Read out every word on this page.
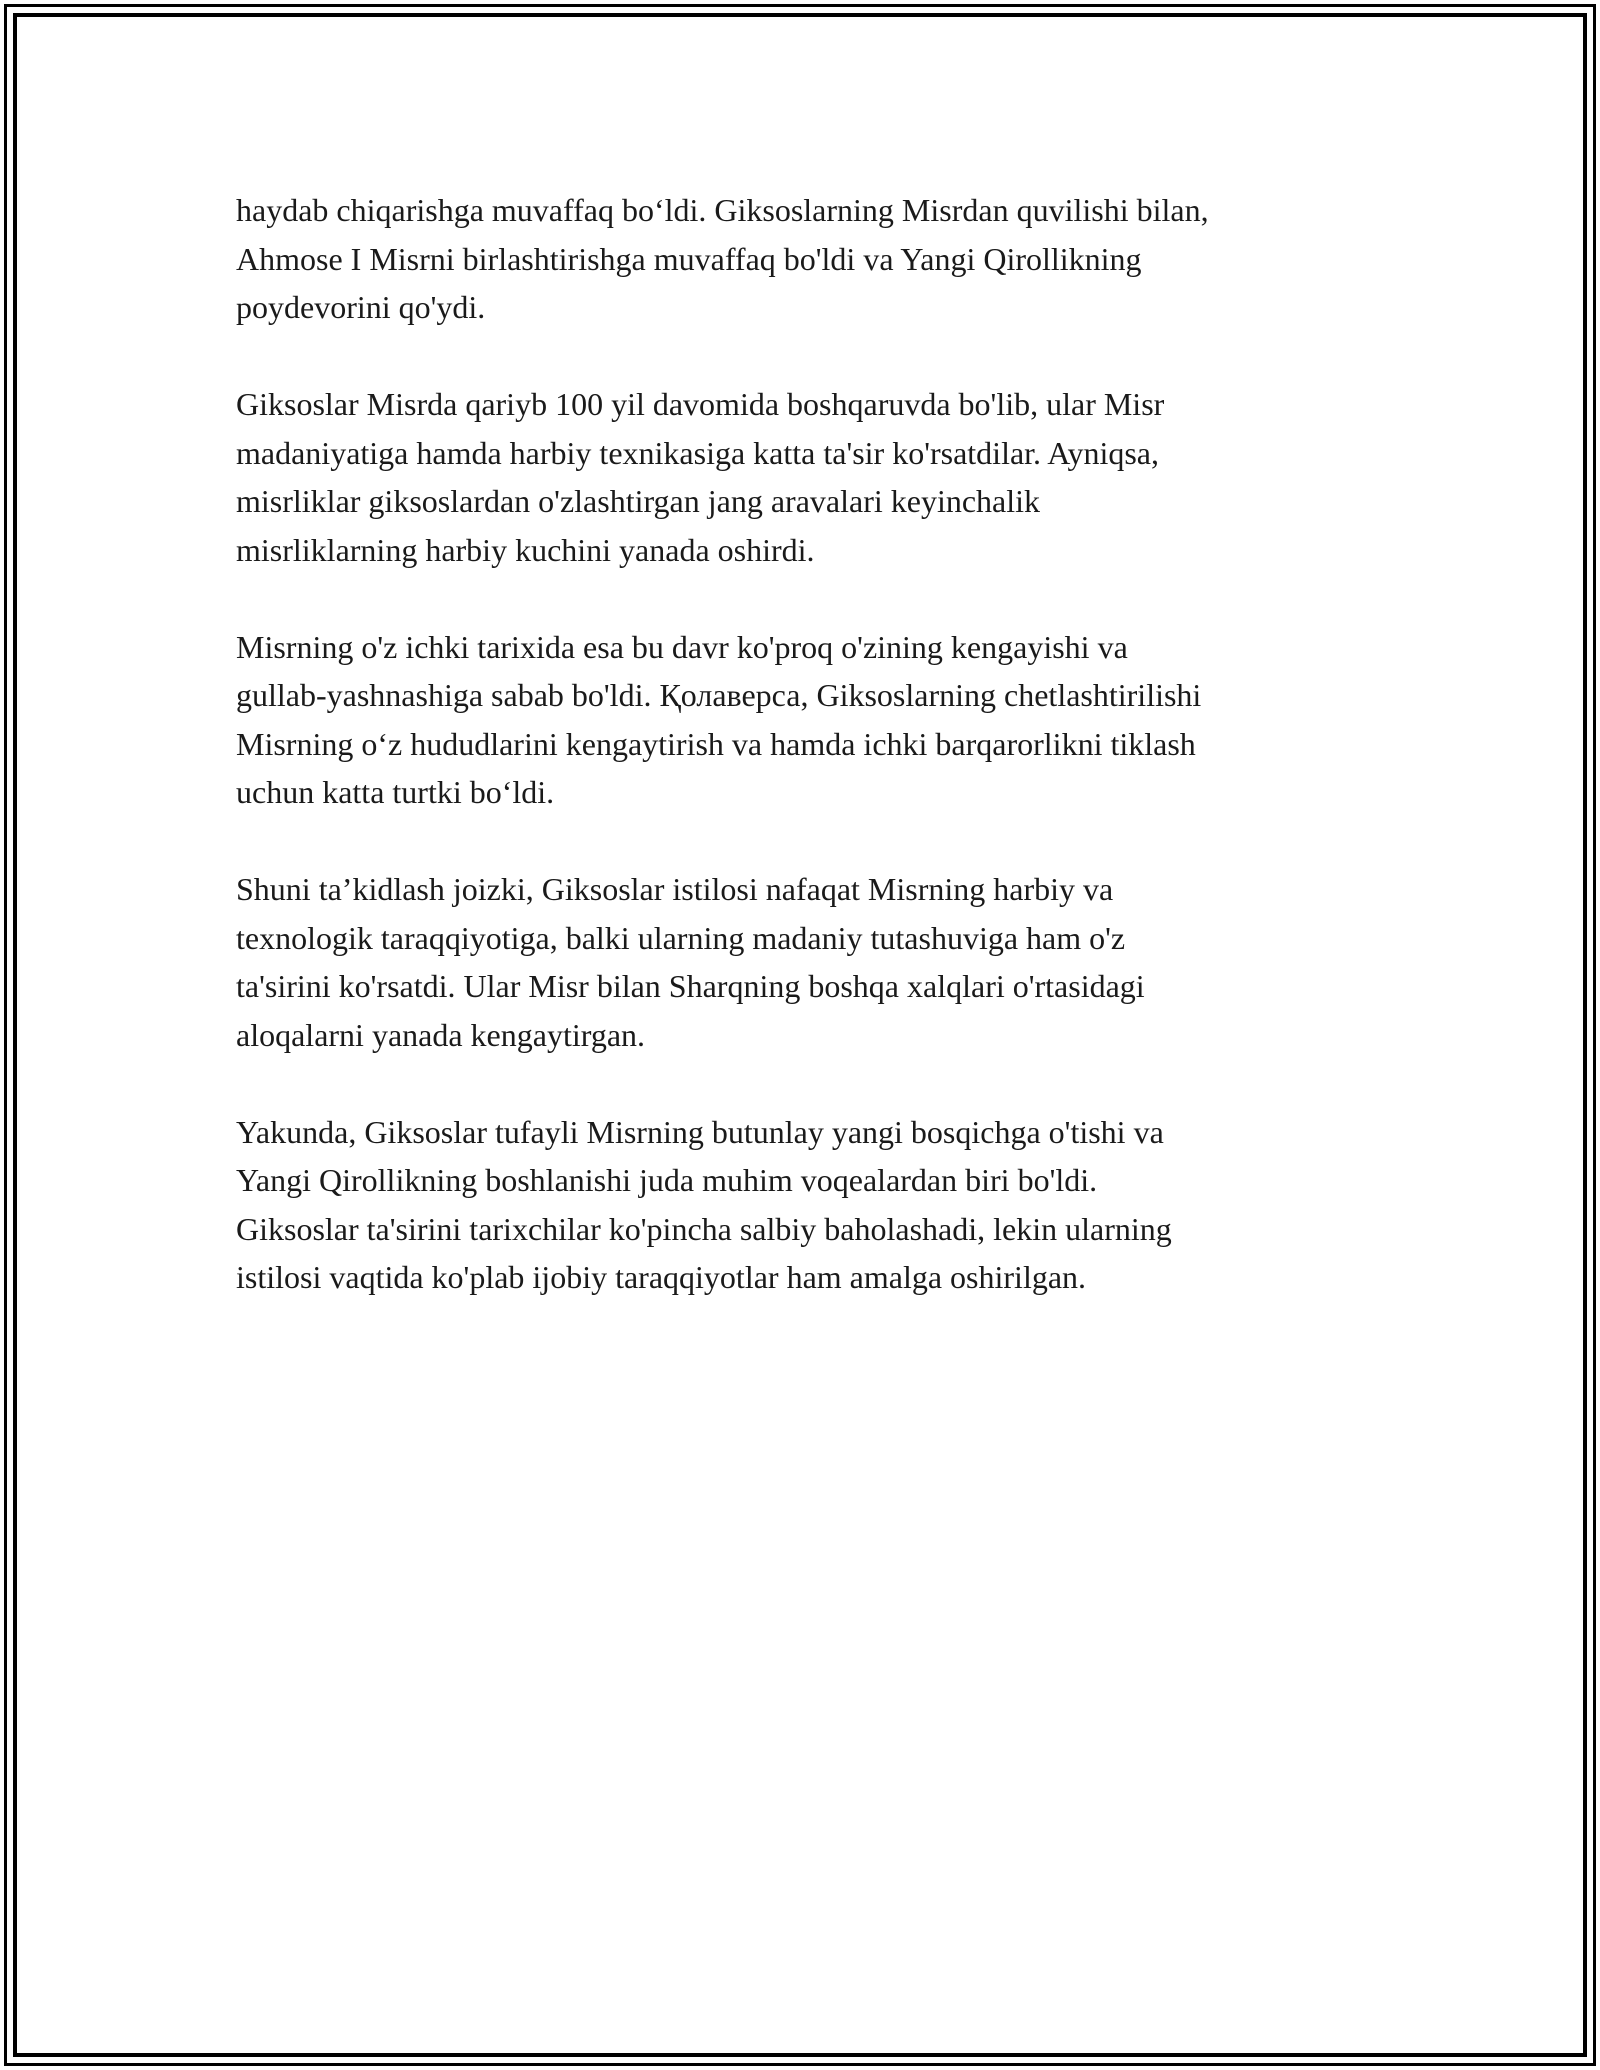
haydab chiqarishga muvaffaq bo‘ldi. Giksoslarning Misrdan quvilishi bilan,
Ahmose I Misrni birlashtirishga muvaffaq bo'ldi va Yangi Qirollikning
poydevorini qo'ydi.

Giksoslar Misrda qariyb 100 yil davomida boshqaruvda bo'lib, ular Misr
madaniyatiga hamda harbiy texnikasiga katta ta'sir ko'rsatdilar. Ayniqsa,
misrliklar giksoslardan o'zlashtirgan jang aravalari keyinchalik
misrliklarning harbiy kuchini yanada oshirdi.

Misrning o'z ichki tarixida esa bu davr ko'proq o'zining kengayishi va
gullab-yashnashiga sabab bo'ldi. Қолаверса, Giksoslarning chetlashtirilishi
Misrning o‘z hududlarini kengaytirish va hamda ichki barqarorlikni tiklash
uchun katta turtki bo‘ldi.

Shuni ta’kidlash joizki, Giksoslar istilosi nafaqat Misrning harbiy va
texnologik taraqqiyotiga, balki ularning madaniy tutashuviga ham o'z
ta'sirini ko'rsatdi. Ular Misr bilan Sharqning boshqa xalqlari o'rtasidagi
aloqalarni yanada kengaytirgan.

Yakunda, Giksoslar tufayli Misrning butunlay yangi bosqichga o'tishi va
Yangi Qirollikning boshlanishi juda muhim voqealardan biri bo'ldi.
Giksoslar ta'sirini tarixchilar ko'pincha salbiy baholashadi, lekin ularning
istilosi vaqtida ko'plab ijobiy taraqqiyotlar ham amalga oshirilgan.
